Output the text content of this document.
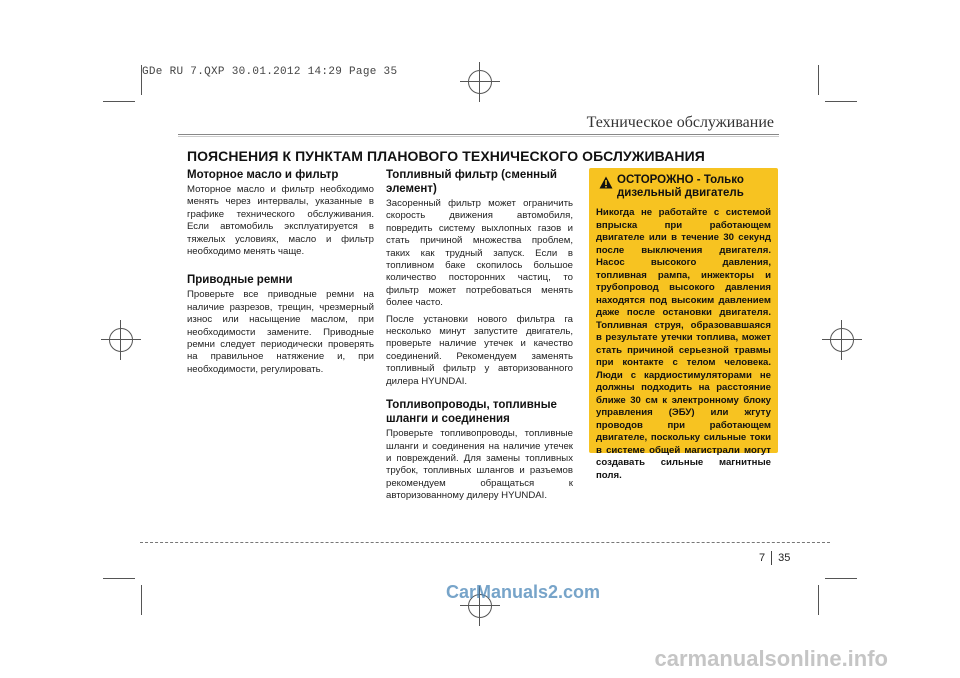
GDe RU 7.QXP 30.01.2012 14:29 Page 35
Техническое обслуживание
ПОЯСНЕНИЯ К ПУНКТАМ ПЛАНОВОГО ТЕХНИЧЕСКОГО ОБСЛУЖИВАНИЯ
Моторное масло и фильтр

Моторное масло и фильтр необходимо менять через интервалы, указанные в графике технического обслуживания. Если автомобиль эксплуатируется в тяжелых условиях, масло и фильтр необходимо менять чаще.

Приводные ремни

Проверьте все приводные ремни на наличие разрезов, трещин, чрезмерный износ или насыщение маслом, при необходимости замените. Приводные ремни следует периодически проверять на правильное натяжение и, при необходимости, регулировать.

Топливный фильтр (сменный элемент)

Засоренный фильтр может ограничить скорость движения автомобиля, повредить систему выхлопных газов и стать причиной множества проблем, таких как трудный запуск. Если в топливном баке скопилось большое количество посторонних частиц, то фильтр может потребоваться менять более часто.

После установки нового фильтра га несколько минут запустите двигатель, проверьте наличие утечек и качество соединений. Рекомендуем заменять топливный фильтр у авторизованного дилера HYUNDAI.

Топливопроводы, топливные шланги и соединения

Проверьте топливопроводы, топливные шланги и соединения на наличие утечек и повреждений. Для замены топливных трубок, топливных шлангов и разъемов рекомендуем обращаться к авторизованному дилеру HYUNDAI.

ОСТОРОЖНО - Только дизельный двигатель
Никогда не работайте с системой впрыска при работающем двигателе или в течение 30 секунд после выключения двигателя. Насос высокого давления, топливная рампа, инжекторы и трубопровод высокого давления находятся под высоким давлением даже после остановки двигателя. Топливная струя, образовавшаяся в результате утечки топлива, может стать причиной серьезной травмы при контакте с телом человека. Люди с кардиостимуляторами не должны подходить на расстояние ближе 30 см к электронному блоку управления (ЭБУ) или жгуту проводов при работающем двигателе, поскольку сильные токи в системе общей магистрали могут создавать сильные магнитные поля.
7 35
CarManuals2.com
carmanualsonline.info
